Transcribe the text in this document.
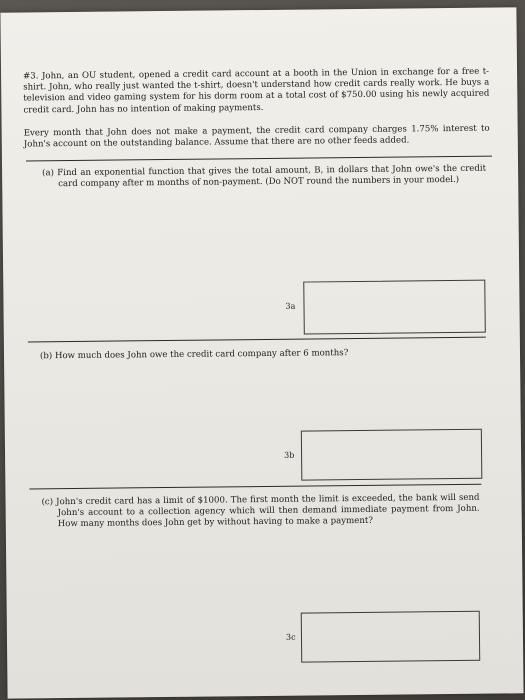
#3. John, an OU student, opened a credit card account at a booth in the Union in exchange for a free t-shirt. John, who really just wanted the t-shirt, doesn't understand how credit cards really work. He buys a television and video gaming system for his dorm room at a total cost of $750.00 using his newly acquired credit card. John has no intention of making payments.

Every month that John does not make a payment, the credit card company charges 1.75% interest to John's account on the outstanding balance. Assume that there are no other feeds added.

(a) Find an exponential function that gives the total amount, B, in dollars that John owe's the credit card company after m months of non-payment. (Do NOT round the numbers in your model.)
3a
(b) How much does John owe the credit card company after 6 months?
3b
(c) John's credit card has a limit of $1000. The first month the limit is exceeded, the bank will send John's account to a collection agency which will then demand immediate payment from John. How many months does John get by without having to make a payment?
3c
